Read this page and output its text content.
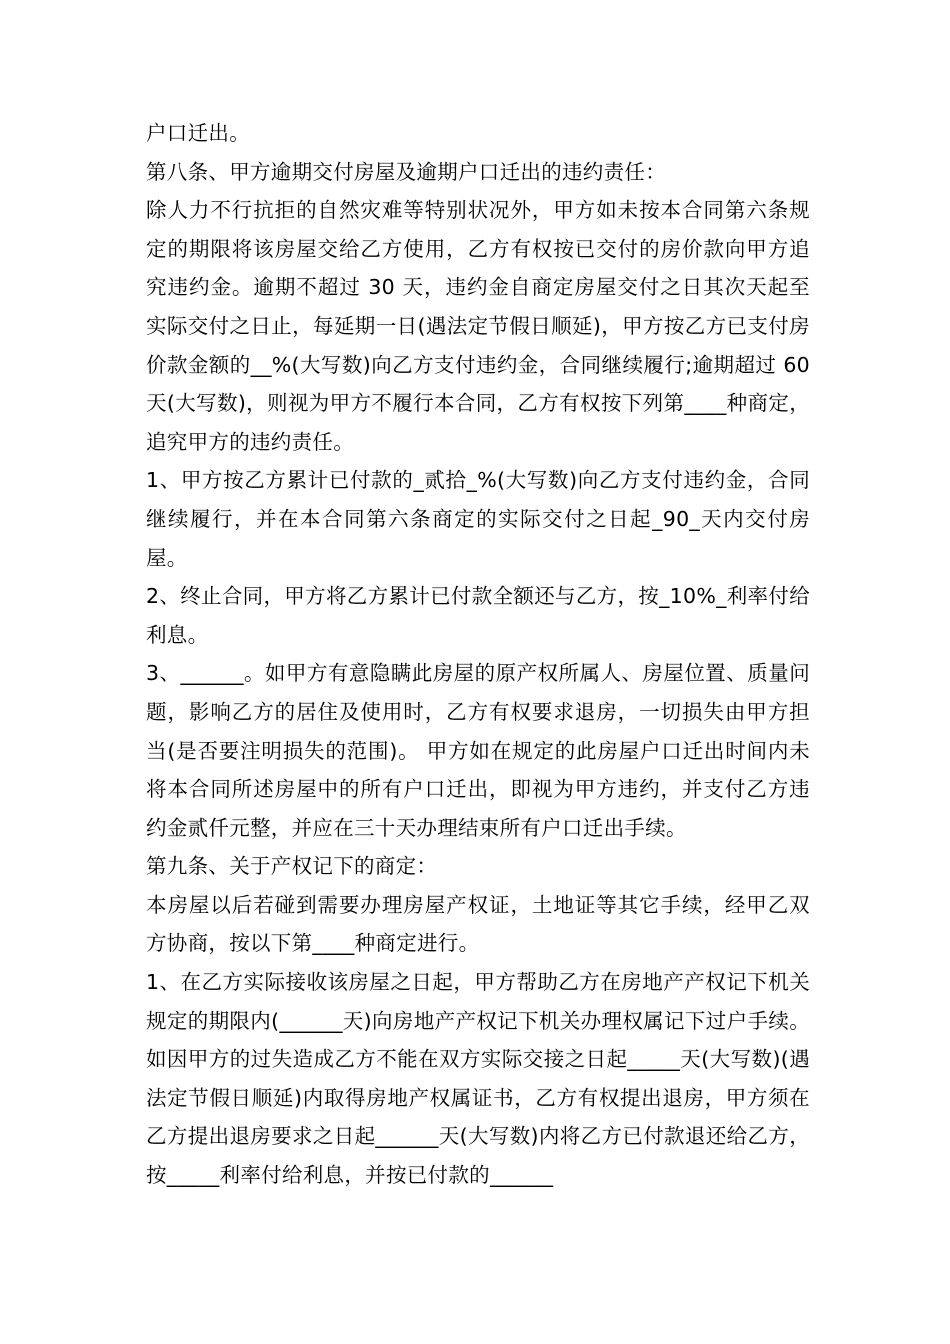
户口迁出。

第八条、甲方逾期交付房屋及逾期户口迁出的违约责任：

除人力不行抗拒的自然灾难等特别状况外，甲方如未按本合同第六条规定的期限将该房屋交给乙方使用，乙方有权按已交付的房价款向甲方追究违约金。逾期不超过 30 天，违约金自商定房屋交付之日其次天起至实际交付之日止，每延期一日(遇法定节假日顺延)，甲方按乙方已支付房价款金额的__%(大写数)向乙方支付违约金，合同继续履行;逾期超过 60 天(大写数)，则视为甲方不履行本合同，乙方有权按下列第____种商定，追究甲方的违约责任。

1、甲方按乙方累计已付款的_贰拾_%(大写数)向乙方支付违约金，合同继续履行，并在本合同第六条商定的实际交付之日起_90_天内交付房屋。

2、终止合同，甲方将乙方累计已付款全额还与乙方，按_10%_利率付给利息。

3、______。如甲方有意隐瞒此房屋的原产权所属人、房屋位置、质量问题，影响乙方的居住及使用时，乙方有权要求退房，一切损失由甲方担当(是否要注明损失的范围)。 甲方如在规定的此房屋户口迁出时间内未将本合同所述房屋中的所有户口迁出，即视为甲方违约，并支付乙方违约金贰仟元整，并应在三十天办理结束所有户口迁出手续。

第九条、关于产权记下的商定：

本房屋以后若碰到需要办理房屋产权证，土地证等其它手续，经甲乙双方协商，按以下第____种商定进行。

1、在乙方实际接收该房屋之日起，甲方帮助乙方在房地产产权记下机关规定的期限内(______天)向房地产产权记下机关办理权属记下过户手续。如因甲方的过失造成乙方不能在双方实际交接之日起_____天(大写数)(遇法定节假日顺延)内取得房地产权属证书，乙方有权提出退房，甲方须在乙方提出退房要求之日起______天(大写数)内将乙方已付款退还给乙方，按_____利率付给利息，并按已付款的______
